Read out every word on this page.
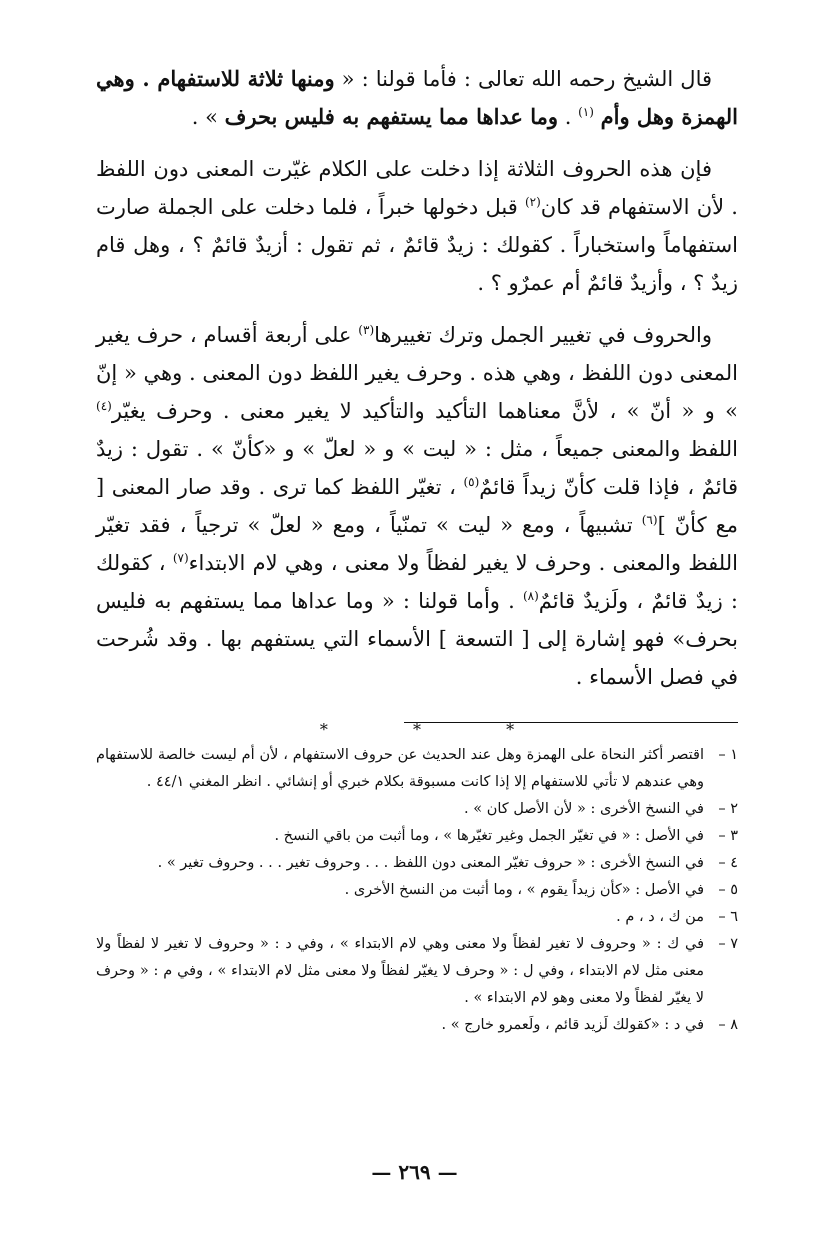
قال الشيخ رحمه الله تعالى : فأما قولنا : « ومنها ثلاثة للاستفهام . وهي الهمزة وهل وأم $^{(١)}$ . وما عداها مما يستفهم به فليس بحرف » .

فإن هذه الحروف الثلاثة إذا دخلت على الكلام غيّرت المعنى دون اللفظ . لأن الاستفهام قد كان$^{(٢)}$ قبل دخولها خبراً ، فلما دخلت على الجملة صارت استفهاماً واستخباراً . كقولك : زيدٌ قائمٌ ، ثم تقول : أزيدٌ قائمٌ ؟ ، وهل قام زيدٌ ؟ ، وأزيدٌ قائمٌ أم عمرٌو ؟ .

والحروف في تغيير الجمل وترك تغييرها$^{(٣)}$ على أربعة أقسام ، حرف يغير المعنى دون اللفظ ، وهي هذه . وحرف يغير اللفظ دون المعنى . وهي « إنّ » و « أنّ » ، لأنَّ معناهما التأكيد والتأكيد لا يغير معنى . وحرف يغيّر$^{(٤)}$ اللفظ والمعنى جميعاً ، مثل : « ليت » و « لعلّ » و «كأنّ » . تقول : زيدٌ قائمٌ ، فإذا قلت كأنّ زيداً قائمٌ$^{(٥)}$ ، تغيّر اللفظ كما ترى . وقد صار المعنى [ مع كأنّ ]$^{(٦)}$ تشبيهاً ، ومع « ليت » تمنّياً ، ومع « لعلّ » ترجياً ، فقد تغيّر اللفظ والمعنى . وحرف لا يغير لفظاً ولا معنى ، وهي لام الابتداء$^{(٧)}$ ، كقولك : زيدٌ قائمٌ ، ولَزيدٌ قائمٌ$^{(٨)}$ . وأما قولنا : « وما عداها مما يستفهم به فليس بحرف» فهو إشارة إلى [ التسعة ] الأسماء التي يستفهم بها . وقد شُرحت في فصل الأسماء .

* * *
١ –
اقتصر أكثر النحاة على الهمزة وهل عند الحديث عن حروف الاستفهام ، لأن أم ليست خالصة للاستفهام وهي عندهم لا تأتي للاستفهام إلا إذا كانت مسبوقة بكلام خبري أو إنشائي . انظر المغني ٤٤/١ .
٢ –
في النسخ الأخرى : « لأن الأصل كان » .
٣ –
في الأصل : « في تغيّر الجمل وغير تغيّرها » ، وما أثبت من باقي النسخ .
٤ –
في النسخ الأخرى : « حروف تغيّر المعنى دون اللفظ . . . وحروف تغير . . . وحروف تغير » .
٥ –
في الأصل : «كأن زيداً يقوم » ، وما أثبت من النسخ الأخرى .
٦ –
من ك ، د ، م .
٧ –
في ك : « وحروف لا تغير لفظاً ولا معنى وهي لام الابتداء » ، وفي د : « وحروف لا تغير لا لفظاً ولا معنى مثل لام الابتداء ، وفي ل : « وحرف لا يغيّر لفظاً ولا معنى مثل لام الابتداء » ، وفي م : « وحرف لا يغيّر لفظاً ولا معنى وهو لام الابتداء » .
٨ –
في د : «كقولك لَزيد قائم ، ولَعمرو خارج » .
— ٢٦٩ —
